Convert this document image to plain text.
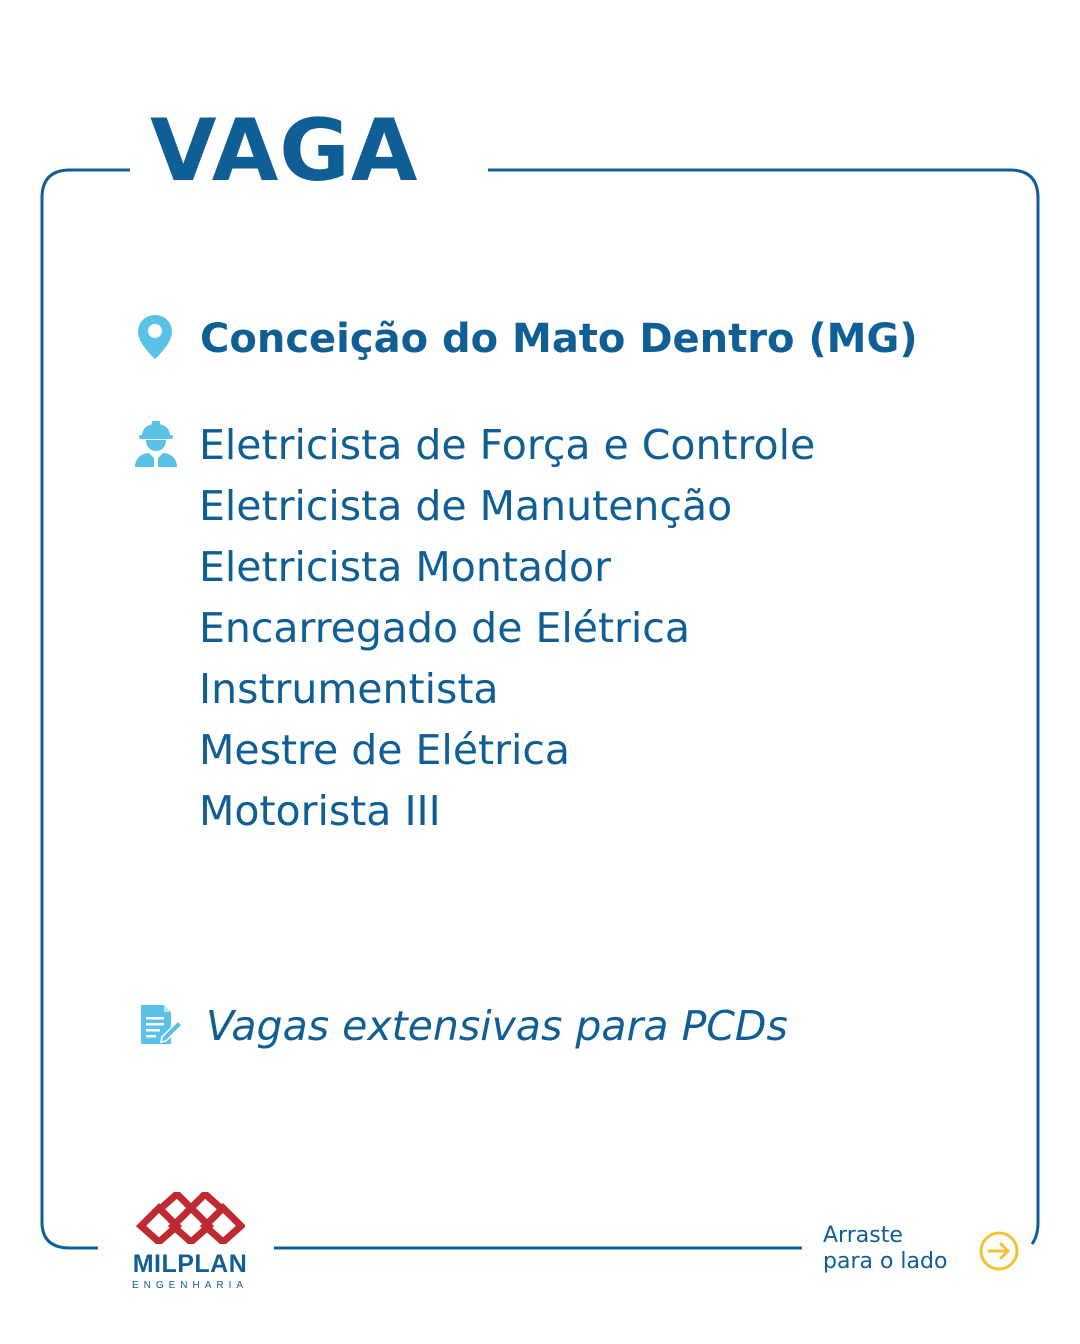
VAGA
Conceição do Mato Dentro (MG)
Eletricista de Força e Controle
Eletricista de Manutenção
Eletricista Montador
Encarregado de Elétrica
Instrumentista
Mestre de Elétrica
Motorista III
Vagas extensivas para PCDs
MILPLAN
ENGENHARIA
Arraste
para o lado
